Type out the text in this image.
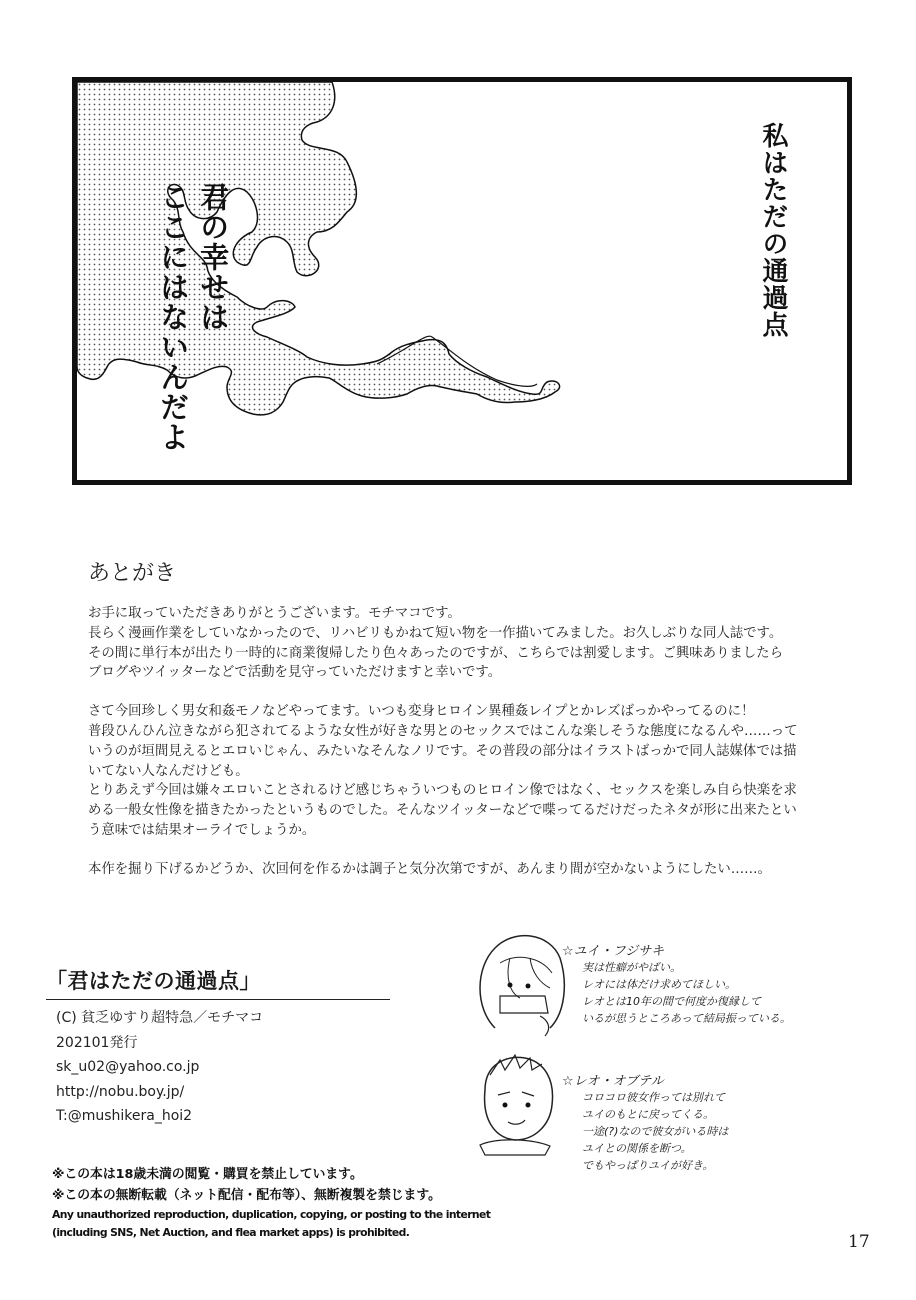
私はただの通過点
君の幸せは
ここにはないんだよ
あとがき

お手に取っていただきありがとうございます。モチマコです。
長らく漫画作業をしていなかったので、リハビリもかねて短い物を一作描いてみました。お久しぶりな同人誌です。
その間に単行本が出たり一時的に商業復帰したり色々あったのですが、こちらでは割愛します。ご興味ありましたら
ブログやツイッターなどで活動を見守っていただけますと幸いです。

さて今回珍しく男女和姦モノなどやってます。いつも変身ヒロイン異種姦レイプとかレズばっかやってるのに！
普段ひんひん泣きながら犯されてるような女性が好きな男とのセックスではこんな楽しそうな態度になるんや……って
いうのが垣間見えるとエロいじゃん、みたいなそんなノリです。その普段の部分はイラストばっかで同人誌媒体では描
いてない人なんだけども。
とりあえず今回は嫌々エロいことされるけど感じちゃういつものヒロイン像ではなく、セックスを楽しみ自ら快楽を求
める一般女性像を描きたかったというものでした。そんなツイッターなどで喋ってるだけだったネタが形に出来たとい
う意味では結果オーライでしょうか。

本作を掘り下げるかどうか、次回何を作るかは調子と気分次第ですが、あんまり間が空かないようにしたい……。

「君はただの通過点」
(C) 貧乏ゆすり超特急／モチマコ
202101発行
sk_u02@yahoo.co.jp
http://nobu.boy.jp/
T:@mushikera_hoi2
※この本は18歳未満の閲覧・購買を禁止しています。
※この本の無断転載（ネット配信・配布等）、無断複製を禁じます。
Any unauthorized reproduction, duplication, copying, or posting to the internet
(including SNS, Net Auction, and flea market apps) is prohibited.
☆ユイ・フジサキ
実は性癖がやばい。
レオには体だけ求めてほしい。
レオとは10年の間で何度か復縁して
いるが思うところあって結局振っている。
☆レオ・オブテル
コロコロ彼女作っては別れて
ユイのもとに戻ってくる。
一途(?)なので彼女がいる時は
ユイとの関係を断つ。
でもやっぱりユイが好き。
17
